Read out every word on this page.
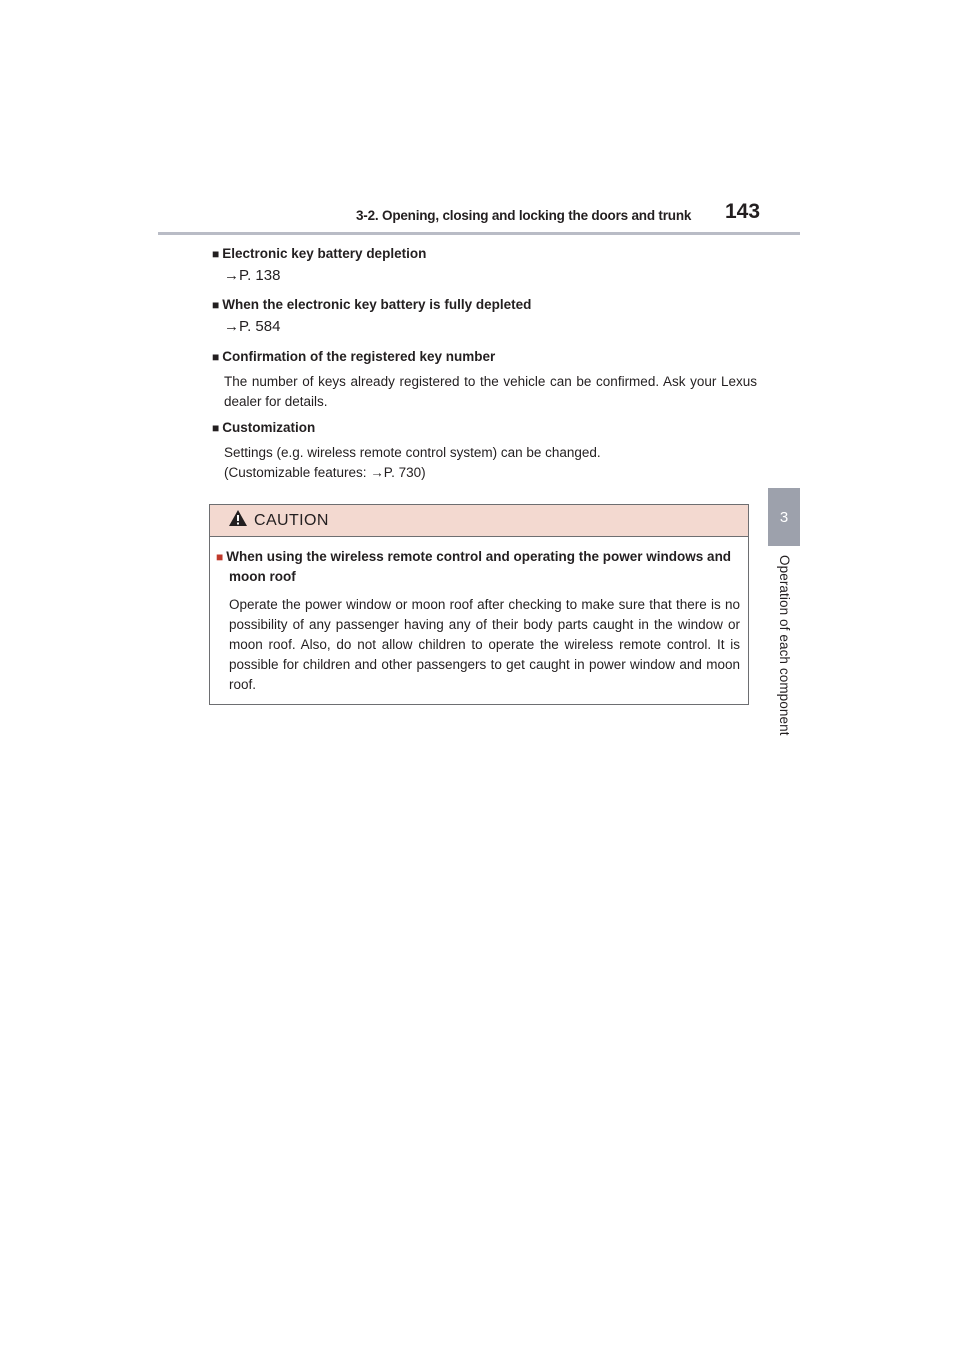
3-2. Opening, closing and locking the doors and trunk 143
3
Operation of each component
■ Electronic key battery depletion
→P. 138
■ When the electronic key battery is fully depleted
→P. 584
■ Confirmation of the registered key number
The number of keys already registered to the vehicle can be confirmed. Ask your Lexus dealer for details.
■ Customization
Settings (e.g. wireless remote control system) can be changed.
(Customizable features: →P. 730)
CAUTION
■ When using the wireless remote control and operating the power windows and moon roof
Operate the power window or moon roof after checking to make sure that there is no possibility of any passenger having any of their body parts caught in the window or moon roof. Also, do not allow children to operate the wireless remote control. It is possible for children and other passengers to get caught in power window and moon roof.
